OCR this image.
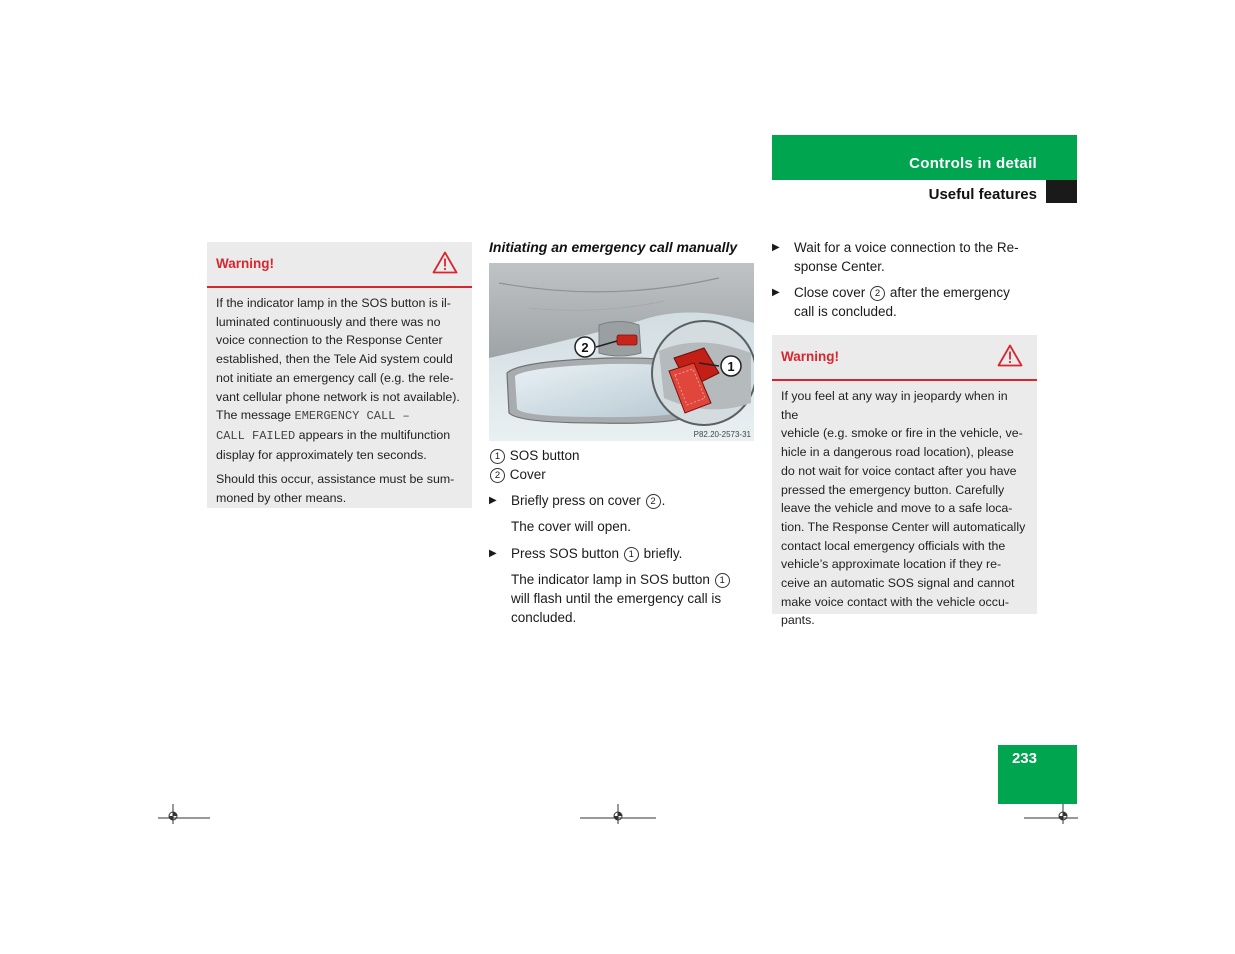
Controls in detail
Useful features
Warning!

If the indicator lamp in the SOS button is il-
luminated continuously and there was no
voice connection to the Response Center
established, then the Tele Aid system could
not initiate an emergency call (e.g. the rele-
vant cellular phone network is not available).
The message EMERGENCY CALL –
CALL FAILED appears in the multifunction
display for approximately ten seconds.

Should this occur, assistance must be sum-
moned by other means.

Initiating an emergency call manually
2
1
P82.20-2573-31
1 SOS button
2 Cover
▶ Briefly press on cover 2 .
The cover will open.
▶ Press SOS button 1 briefly.
The indicator lamp in SOS button 1
will flash until the emergency call is
concluded.
▶ Wait for a voice connection to the Re-
sponse Center.
▶ Close cover 2 after the emergency
call is concluded.
Warning!
If you feel at any way in jeopardy when in the
vehicle (e.g. smoke or fire in the vehicle, ve-
hicle in a dangerous road location), please
do not wait for voice contact after you have
pressed the emergency button. Carefully
leave the vehicle and move to a safe loca-
tion. The Response Center will automatically
contact local emergency officials with the
vehicle’s approximate location if they re-
ceive an automatic SOS signal and cannot
make voice contact with the vehicle occu-
pants.
233
